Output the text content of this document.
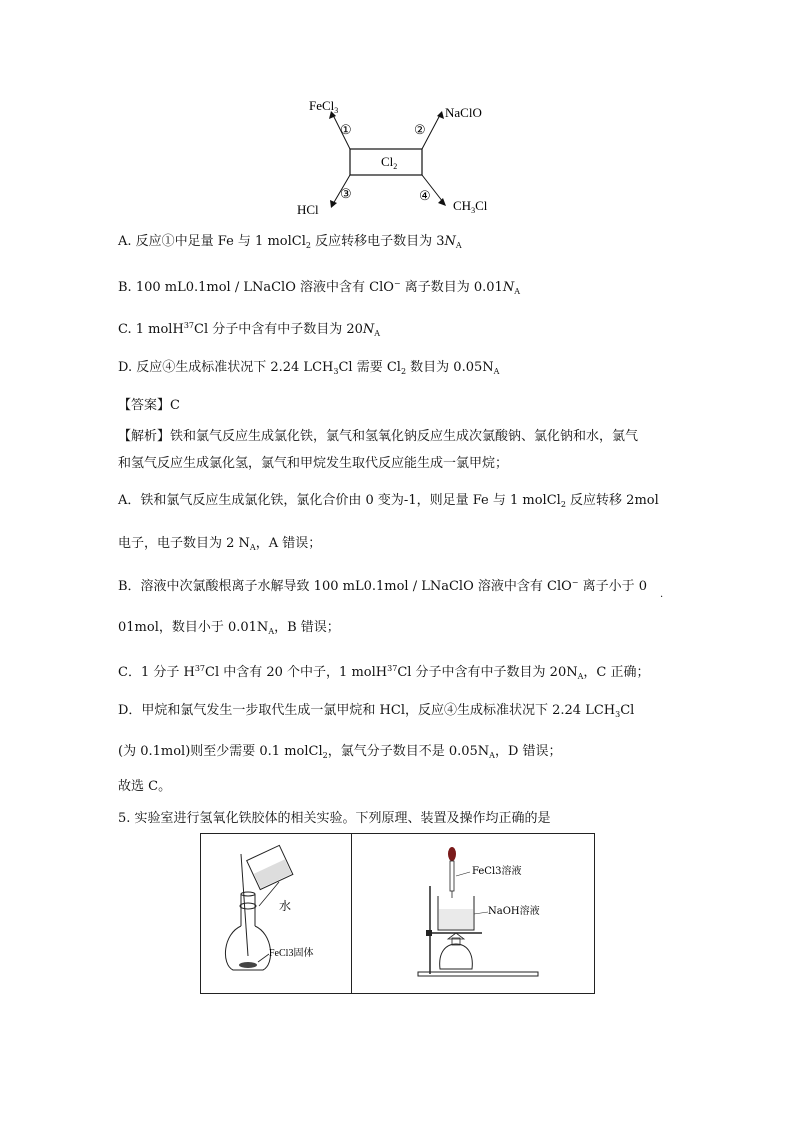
$Cl_2$
FeCl$_3$	NaClO
HCl	$CH_3Cl$
①	②
③	④
A. 反应①中足量 Fe 与 1 molCl$_2$ 反应转移电子数目为 $3N_A$
B. 100 mL0.1mol / LNaClO 溶液中含有 ClO− 离子数目为 $0.01N_A$
C. 1 molH$^{37}$Cl 分子中含有中子数目为 $20N_A$
D. 反应④生成标准状况下 2.24 $LCH_3Cl$ 需要 $Cl_2$ 数目为 $0.05N_A$
【答案】C
【解析】铁和氯气反应生成氯化铁，氯气和氢氧化钠反应生成次氯酸钠、氯化钠和水，氯气
和氢气反应生成氯化氢，氯气和甲烷发生取代反应能生成一氯甲烷；
A．铁和氯气反应生成氯化铁，氯化合价由 0 变为-1，则足量 Fe 与 1 molCl$_2$ 反应转移 2mol
电子，电子数目为 2 $N_A$，A 错误；
B．溶液中次氯酸根离子水解导致 100 mL0.1mol / LNaClO 溶液中含有 ClO− 离子小于 0
.
01mol，数目小于 $0.01N_A$，B 错误；
C．1 分子 $H^{37}Cl$ 中含有 20 个中子，1 molH$^{37}$Cl 分子中含有中子数目为 $20N_A$，C 正确；
D．甲烷和氯气发生一步取代生成一氯甲烷和 HCl，反应④生成标准状况下 2.24 $LCH_3Cl$
(为 0.1mol)则至少需要 0.1 molCl$_2$，氯气分子数目不是 $0.05N_A$，D 错误；
故选 C。
5. 实验室进行氢氧化铁胶体的相关实验。下列原理、装置及操作均正确的是
水
FeCl3固体
FeCl3溶液
NaOH溶液
